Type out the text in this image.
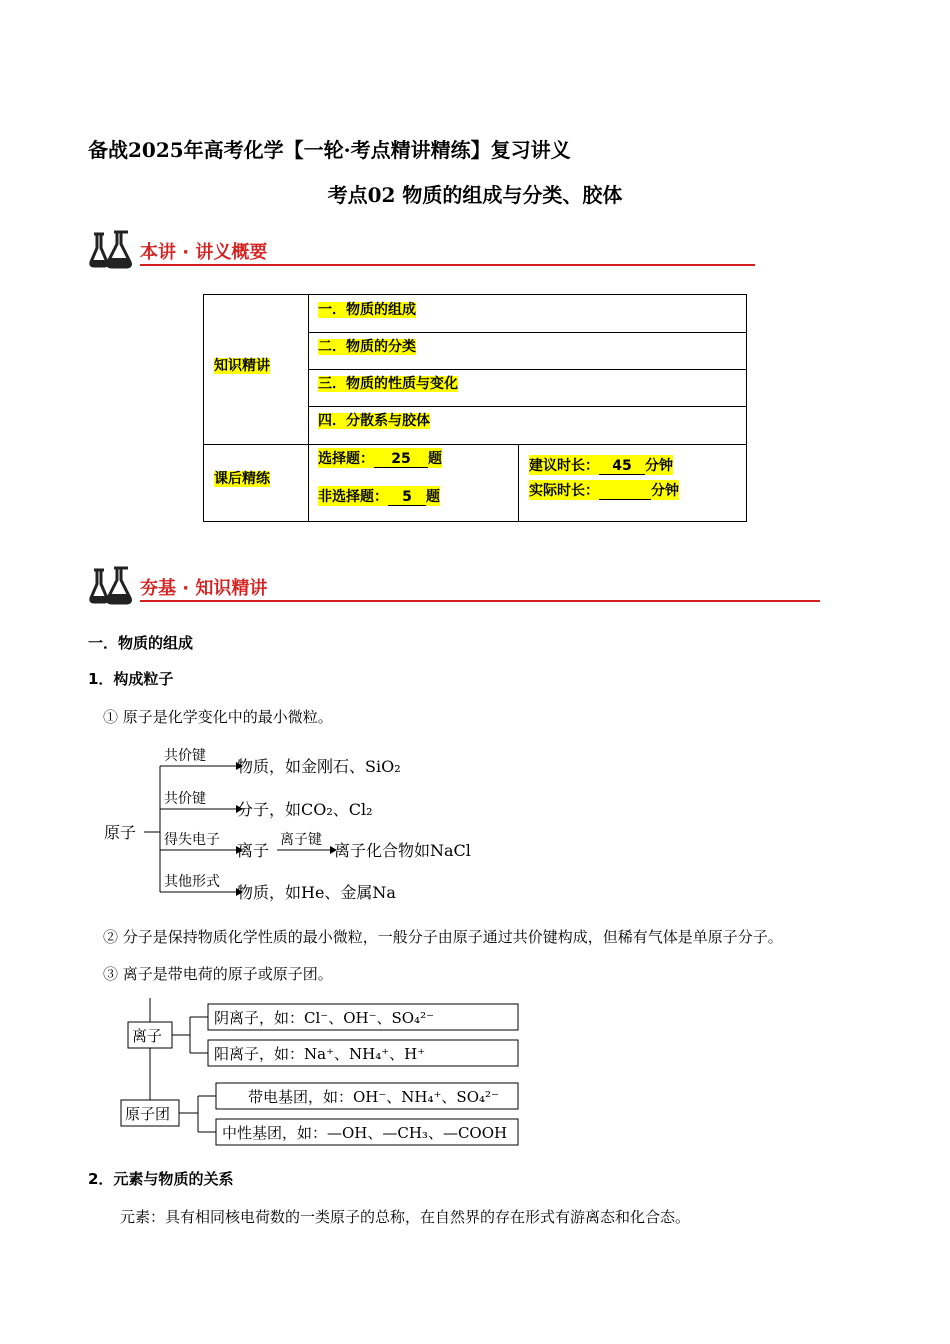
备战2025年高考化学【一轮·考点精讲精练】复习讲义
考点02 物质的组成与分类、胶体
本讲 · 讲义概要
知识精讲
一．物质的组成
二．物质的分类
三．物质的性质与变化
四．分散系与胶体
课后精练
选择题： 25 题
非选择题： 5 题
建议时长： 45 分钟
实际时长：	分钟
夯基 · 知识精讲
一．物质的组成
1．构成粒子
① 原子是化学变化中的最小微粒。
原子
共价键
共价键
得失电子
其他形式
物质，如金刚石、SiO₂
分子，如CO₂、Cl₂
离子
离子键
离子化合物如NaCl
物质，如He、金属Na
② 分子是保持物质化学性质的最小微粒，一般分子由原子通过共价键构成，但稀有气体是单原子分子。
③ 离子是带电荷的原子或原子团。
离子
原子团
阴离子，如：Cl⁻、OH⁻、SO₄²⁻
阳离子，如：Na⁺、NH₄⁺、H⁺
带电基团，如：OH⁻、NH₄⁺、SO₄²⁻
中性基团，如：—OH、—CH₃、—COOH
2．元素与物质的关系
元素：具有相同核电荷数的一类原子的总称，在自然界的存在形式有游离态和化合态。
